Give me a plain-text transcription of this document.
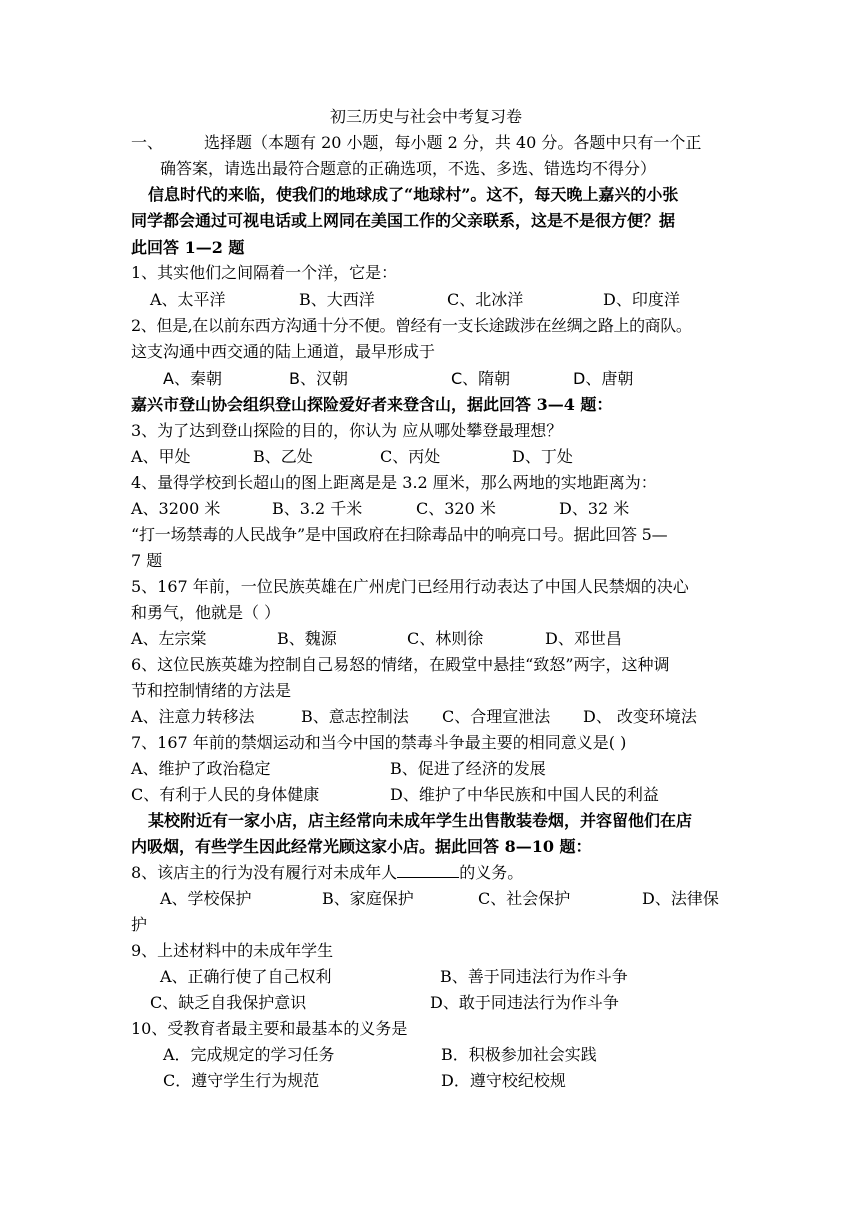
初三历史与社会中考复习卷
一、	选择题（本题有 20 小题，每小题 2 分，共 40 分。各题中只有一个正
确答案，请选出最符合题意的正确选项，不选、多选、错选均不得分）
信息时代的来临，使我们的地球成了“地球村”。这不，每天晚上嘉兴的小张
同学都会通过可视电话或上网同在美国工作的父亲联系，这是不是很方便？据
此回答 1—2 题
1、其实他们之间隔着一个洋，它是：
A、太平洋	B、大西洋	C、北冰洋	D、印度洋
2、但是,在以前东西方沟通十分不便。曾经有一支长途跋涉在丝绸之路上的商队。
这支沟通中西交通的陆上通道，最早形成于
A、秦朝	B、汉朝	C、隋朝	D、唐朝
嘉兴市登山协会组织登山探险爱好者来登含山，据此回答 3—4 题：
3、为了达到登山探险的目的，你认为 应从哪处攀登最理想？
A、甲处	B、乙处	C、丙处	D、丁处
4、量得学校到长超山的图上距离是是 3.2 厘米，那么两地的实地距离为：
A、3200 米	B、3.2 千米	C、320 米	D、32 米
“打一场禁毒的人民战争”是中国政府在扫除毒品中的响亮口号。据此回答 5—
7 题
5、167 年前，一位民族英雄在广州虎门已经用行动表达了中国人民禁烟的决心
和勇气，他就是（ ）
A、左宗棠	B、魏源	C、林则徐	D、邓世昌
6、这位民族英雄为控制自己易怒的情绪，在殿堂中悬挂“致怒”两字，这种调
节和控制情绪的方法是
A、注意力转移法	B、意志控制法 C、合理宣泄法 D、 改变环境法
7、167 年前的禁烟运动和当今中国的禁毒斗争最主要的相同意义是( )
A、维护了政治稳定	B、促进了经济的发展
C、有利于人民的身体健康	D、维护了中华民族和中国人民的利益
某校附近有一家小店，店主经常向未成年学生出售散装卷烟，并容留他们在店
内吸烟，有些学生因此经常光顾这家小店。据此回答 8—10 题：
8、该店主的行为没有履行对未成年人	的义务。
A、学校保护	B、家庭保护	C、社会保护	D、法律保
护
9、上述材料中的未成年学生
A、正确行使了自己权利	B、善于同违法行为作斗争
C、缺乏自我保护意识	D、敢于同违法行为作斗争
10、受教育者最主要和最基本的义务是
A．完成规定的学习任务	B．积极参加社会实践
C．遵守学生行为规范	D．遵守校纪校规
